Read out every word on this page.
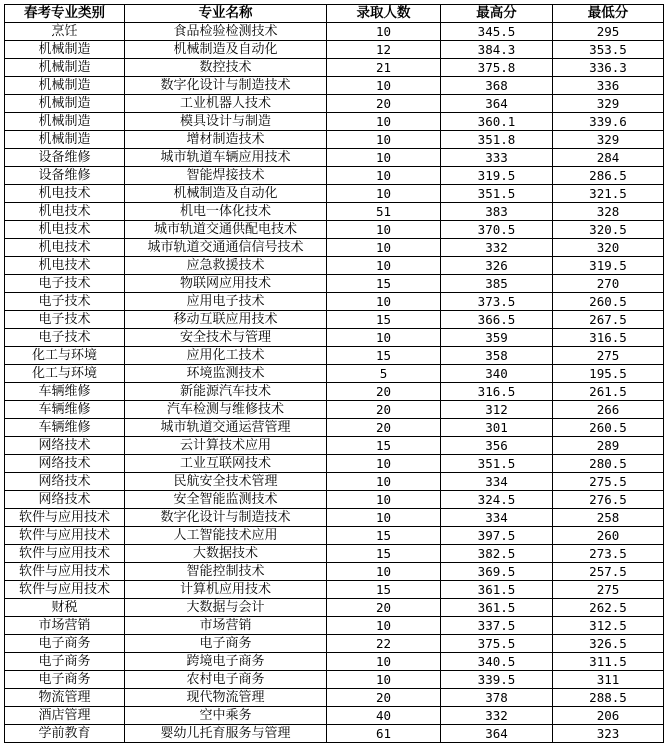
春考专业类别	专业名称	录取人数	最高分	最低分
烹饪	食品检验检测技术	10	345.5	295
机械制造	机械制造及自动化	12	384.3	353.5
机械制造	数控技术	21	375.8	336.3
机械制造	数字化设计与制造技术	10	368	336
机械制造	工业机器人技术	20	364	329
机械制造	模具设计与制造	10	360.1	339.6
机械制造	增材制造技术	10	351.8	329
设备维修	城市轨道车辆应用技术	10	333	284
设备维修	智能焊接技术	10	319.5	286.5
机电技术	机械制造及自动化	10	351.5	321.5
机电技术	机电一体化技术	51	383	328
机电技术	城市轨道交通供配电技术	10	370.5	320.5
机电技术	城市轨道交通通信信号技术	10	332	320
机电技术	应急救援技术	10	326	319.5
电子技术	物联网应用技术	15	385	270
电子技术	应用电子技术	10	373.5	260.5
电子技术	移动互联应用技术	15	366.5	267.5
电子技术	安全技术与管理	10	359	316.5
化工与环境	应用化工技术	15	358	275
化工与环境	环境监测技术	5	340	195.5
车辆维修	新能源汽车技术	20	316.5	261.5
车辆维修	汽车检测与维修技术	20	312	266
车辆维修	城市轨道交通运营管理	20	301	260.5
网络技术	云计算技术应用	15	356	289
网络技术	工业互联网技术	10	351.5	280.5
网络技术	民航安全技术管理	10	334	275.5
网络技术	安全智能监测技术	10	324.5	276.5
软件与应用技术	数字化设计与制造技术	10	334	258
软件与应用技术	人工智能技术应用	15	397.5	260
软件与应用技术	大数据技术	15	382.5	273.5
软件与应用技术	智能控制技术	10	369.5	257.5
软件与应用技术	计算机应用技术	15	361.5	275
财税	大数据与会计	20	361.5	262.5
市场营销	市场营销	10	337.5	312.5
电子商务	电子商务	22	375.5	326.5
电子商务	跨境电子商务	10	340.5	311.5
电子商务	农村电子商务	10	339.5	311
物流管理	现代物流管理	20	378	288.5
酒店管理	空中乘务	40	332	206
学前教育	婴幼儿托育服务与管理	61	364	323
